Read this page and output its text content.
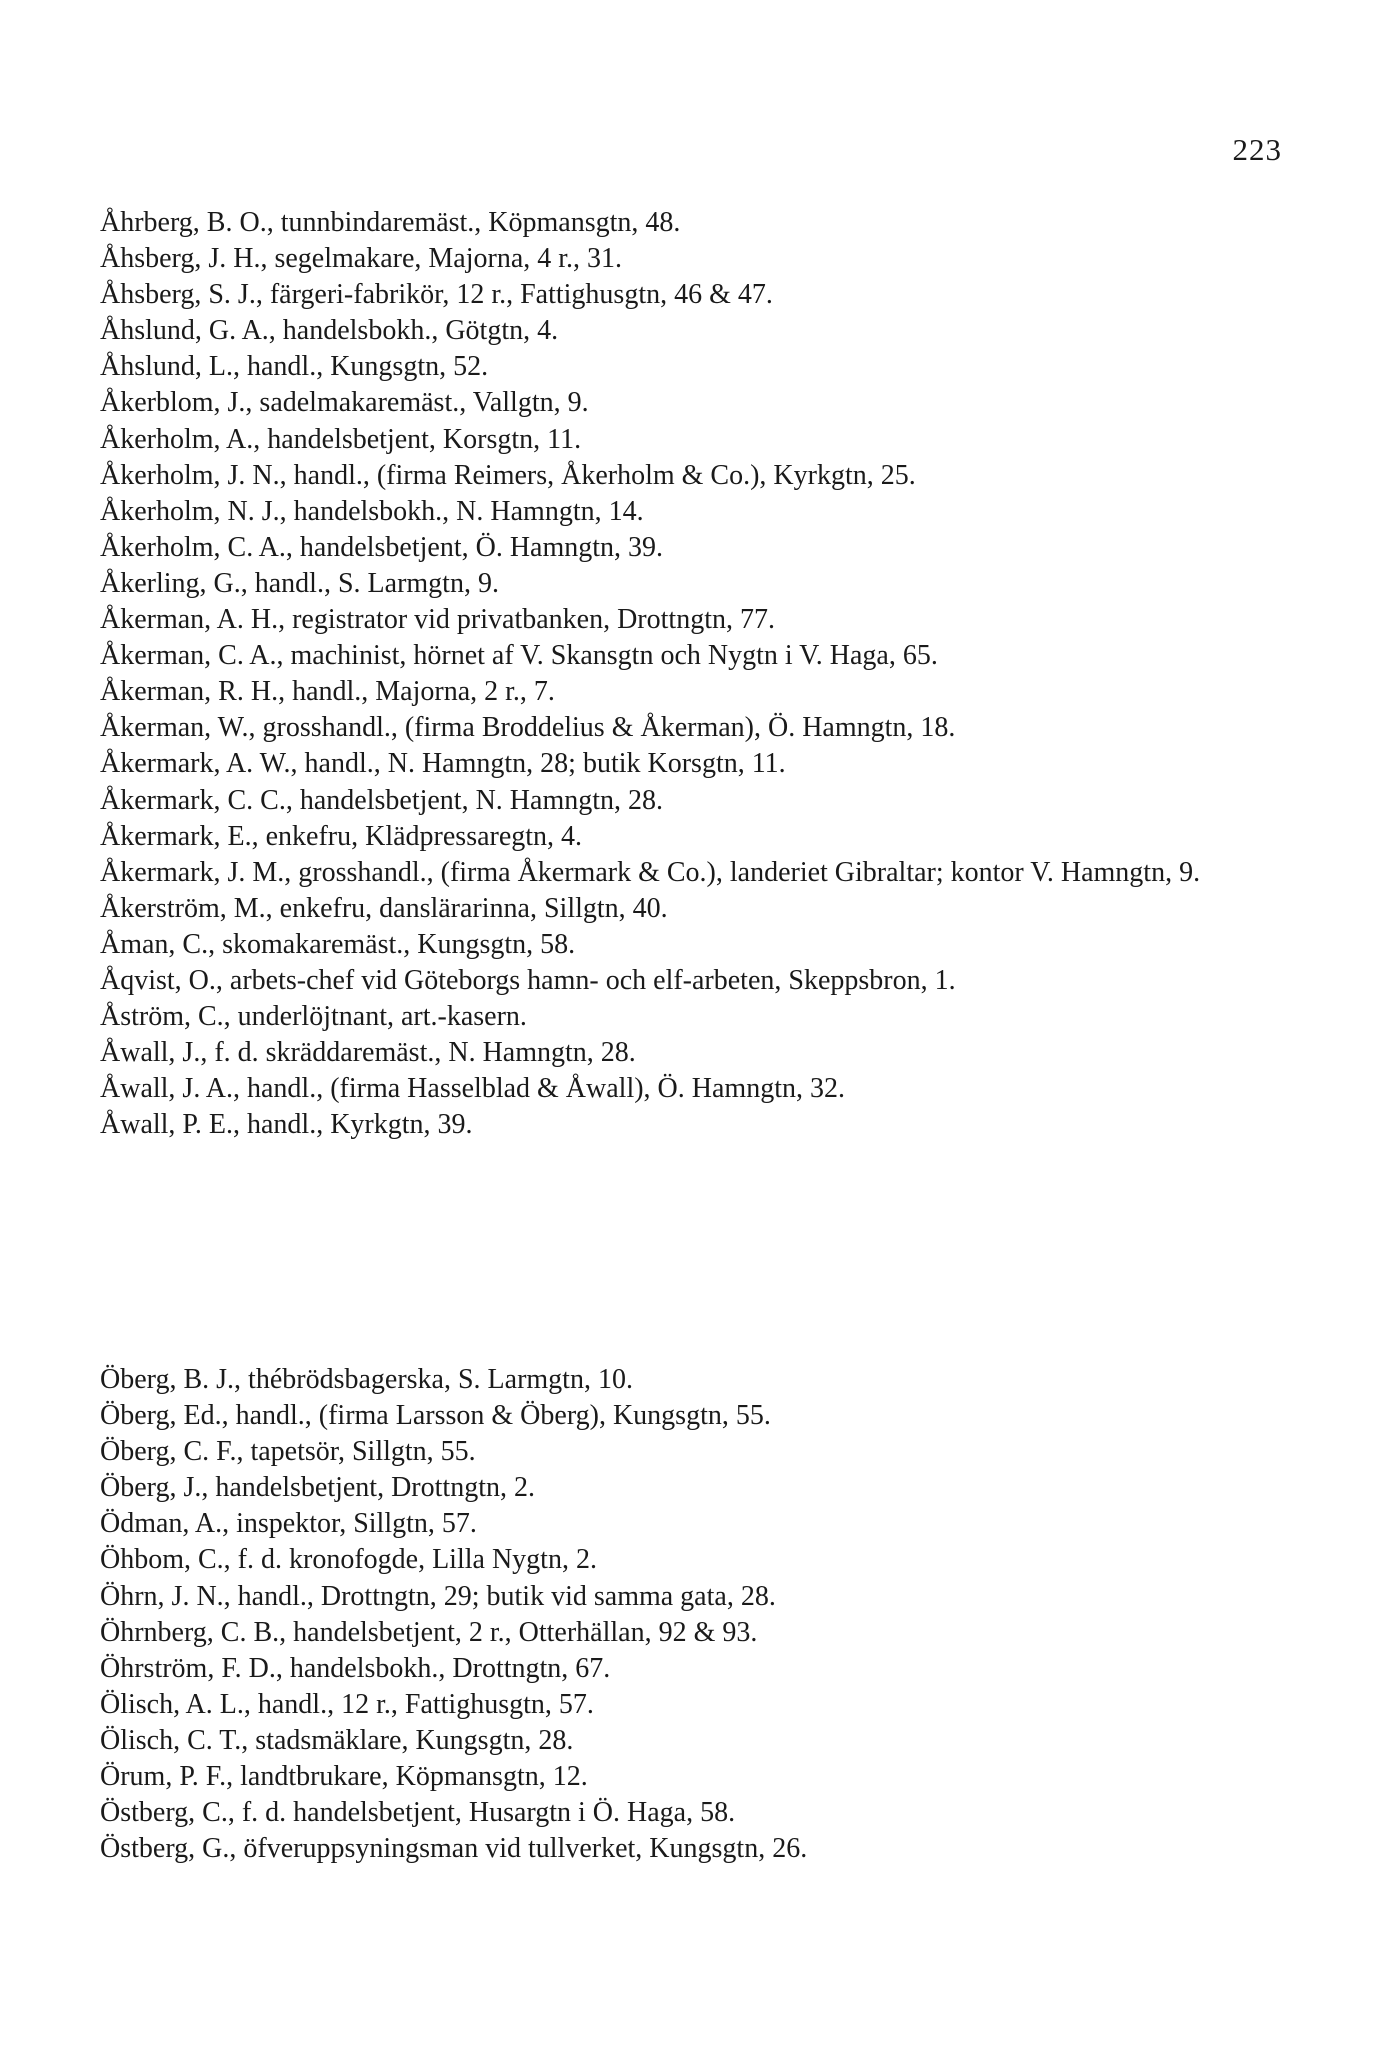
223
Åhrberg, B. O., tunnbindaremäst., Köpmansgtn, 48.
Åhsberg, J. H., segelmakare, Majorna, 4 r., 31.
Åhsberg, S. J., färgeri-fabrikör, 12 r., Fattighusgtn, 46 & 47.
Åhslund, G. A., handelsbokh., Götgtn, 4.
Åhslund, L., handl., Kungsgtn, 52.
Åkerblom, J., sadelmakaremäst., Vallgtn, 9.
Åkerholm, A., handelsbetjent, Korsgtn, 11.
Åkerholm, J. N., handl., (firma Reimers, Åkerholm & Co.), Kyrkgtn, 25.
Åkerholm, N. J., handelsbokh., N. Hamngtn, 14.
Åkerholm, C. A., handelsbetjent, Ö. Hamngtn, 39.
Åkerling, G., handl., S. Larmgtn, 9.
Åkerman, A. H., registrator vid privatbanken, Drottngtn, 77.
Åkerman, C. A., machinist, hörnet af V. Skansgtn och Nygtn i V. Haga, 65.
Åkerman, R. H., handl., Majorna, 2 r., 7.
Åkerman, W., grosshandl., (firma Broddelius & Åkerman), Ö. Hamngtn, 18.
Åkermark, A. W., handl., N. Hamngtn, 28; butik Korsgtn, 11.
Åkermark, C. C., handelsbetjent, N. Hamngtn, 28.
Åkermark, E., enkefru, Klädpressaregtn, 4.
Åkermark, J. M., grosshandl., (firma Åkermark & Co.), landeriet Gibraltar; kontor V. Hamngtn, 9.
Åkerström, M., enkefru, danslärarinna, Sillgtn, 40.
Åman, C., skomakaremäst., Kungsgtn, 58.
Åqvist, O., arbets-chef vid Göteborgs hamn- och elf-arbeten, Skeppsbron, 1.
Åström, C., underlöjtnant, art.-kasern.
Åwall, J., f. d. skräddaremäst., N. Hamngtn, 28.
Åwall, J. A., handl., (firma Hasselblad & Åwall), Ö. Hamngtn, 32.
Åwall, P. E., handl., Kyrkgtn, 39.
Öberg, B. J., thébrödsbagerska, S. Larmgtn, 10.
Öberg, Ed., handl., (firma Larsson & Öberg), Kungsgtn, 55.
Öberg, C. F., tapetsör, Sillgtn, 55.
Öberg, J., handelsbetjent, Drottngtn, 2.
Ödman, A., inspektor, Sillgtn, 57.
Öhbom, C., f. d. kronofogde, Lilla Nygtn, 2.
Öhrn, J. N., handl., Drottngtn, 29; butik vid samma gata, 28.
Öhrnberg, C. B., handelsbetjent, 2 r., Otterhällan, 92 & 93.
Öhrström, F. D., handelsbokh., Drottngtn, 67.
Ölisch, A. L., handl., 12 r., Fattighusgtn, 57.
Ölisch, C. T., stadsmäklare, Kungsgtn, 28.
Örum, P. F., landtbrukare, Köpmansgtn, 12.
Östberg, C., f. d. handelsbetjent, Husargtn i Ö. Haga, 58.
Östberg, G., öfveruppsyningsman vid tullverket, Kungsgtn, 26.
